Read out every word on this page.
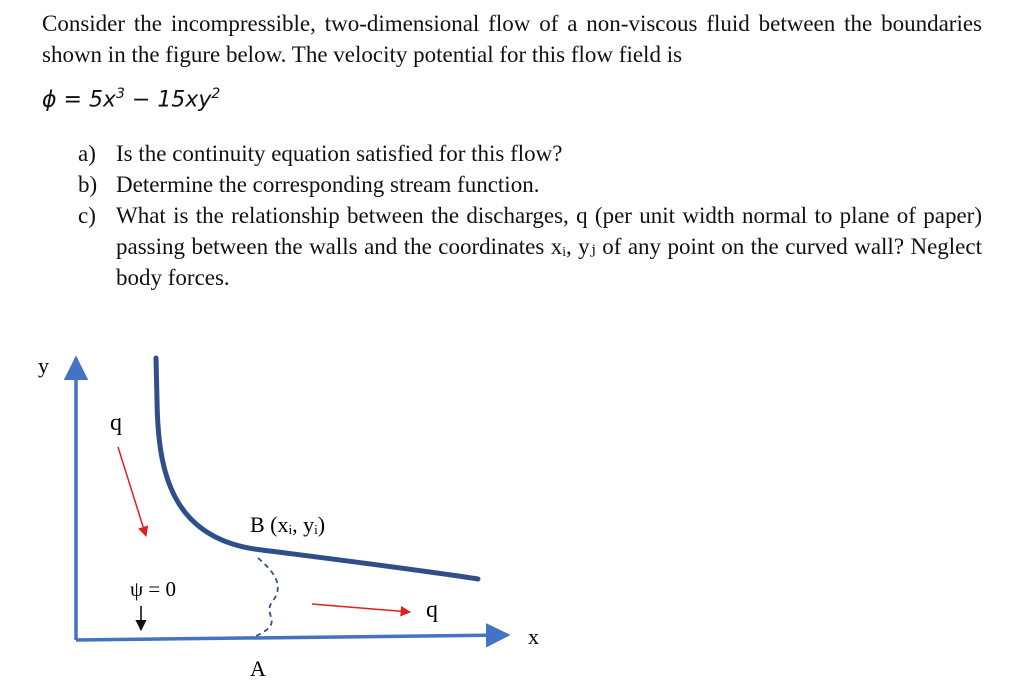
Consider the incompressible, two-dimensional flow of a non-viscous fluid between the boundaries shown in the figure below. The velocity potential for this flow field is
$\phi = 5x^3 - 15xy^2$
a) Is the continuity equation satisfied for this flow?
b) Determine the corresponding stream function.
c) What is the relationship between the discharges, q (per unit width normal to plane of paper) passing between the walls and the coordinates xᵢ, yⱼ of any point on the curved wall? Neglect body forces.
y
x
q
q
B (xᵢ, yᵢ)
ψ = 0
A
